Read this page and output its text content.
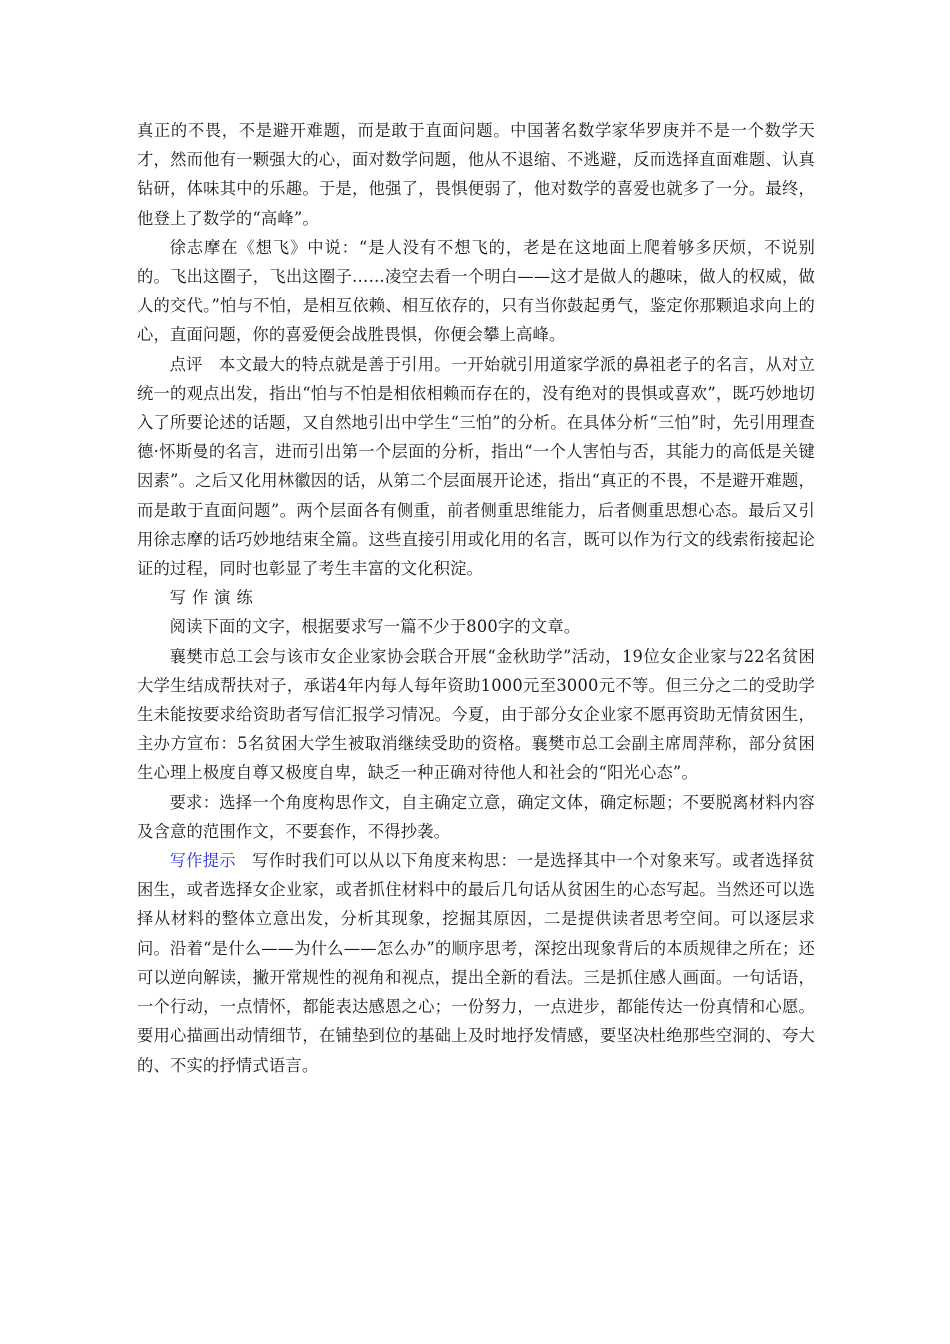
真正的不畏，不是避开难题，而是敢于直面问题。中国著名数学家华罗庚并不是一个数学天才，然而他有一颗强大的心，面对数学问题，他从不退缩、不逃避，反而选择直面难题、认真钻研，体味其中的乐趣。于是，他强了，畏惧便弱了，他对数学的喜爱也就多了一分。最终，他登上了数学的“高峰”。

徐志摩在《想飞》中说：“是人没有不想飞的，老是在这地面上爬着够多厌烦，不说别的。飞出这圈子，飞出这圈子……凌空去看一个明白——这才是做人的趣味，做人的权威，做人的交代。”怕与不怕，是相互依赖、相互依存的，只有当你鼓起勇气，鉴定你那颗追求向上的心，直面问题，你的喜爱便会战胜畏惧，你便会攀上高峰。

点评 本文最大的特点就是善于引用。一开始就引用道家学派的鼻祖老子的名言，从对立统一的观点出发，指出“怕与不怕是相依相赖而存在的，没有绝对的畏惧或喜欢”，既巧妙地切入了所要论述的话题，又自然地引出中学生“三怕”的分析。在具体分析“三怕”时，先引用理查德·怀斯曼的名言，进而引出第一个层面的分析，指出“一个人害怕与否，其能力的高低是关键因素”。之后又化用林徽因的话，从第二个层面展开论述，指出“真正的不畏，不是避开难题，而是敢于直面问题”。两个层面各有侧重，前者侧重思维能力，后者侧重思想心态。最后又引用徐志摩的话巧妙地结束全篇。这些直接引用或化用的名言，既可以作为行文的线索衔接起论证的过程，同时也彰显了考生丰富的文化积淀。

写作演练

阅读下面的文字，根据要求写一篇不少于800字的文章。

襄樊市总工会与该市女企业家协会联合开展“金秋助学”活动，19位女企业家与22名贫困大学生结成帮扶对子，承诺4年内每人每年资助1000元至3000元不等。但三分之二的受助学生未能按要求给资助者写信汇报学习情况。今夏，由于部分女企业家不愿再资助无情贫困生，主办方宣布：5名贫困大学生被取消继续受助的资格。襄樊市总工会副主席周萍称，部分贫困生心理上极度自尊又极度自卑，缺乏一种正确对待他人和社会的“阳光心态”。

要求：选择一个角度构思作文，自主确定立意，确定文体，确定标题；不要脱离材料内容及含意的范围作文，不要套作，不得抄袭。

写作提示 写作时我们可以从以下角度来构思：一是选择其中一个对象来写。或者选择贫困生，或者选择女企业家，或者抓住材料中的最后几句话从贫困生的心态写起。当然还可以选择从材料的整体立意出发，分析其现象，挖掘其原因，二是提供读者思考空间。可以逐层求问。沿着“是什么——为什么——怎么办”的顺序思考，深挖出现象背后的本质规律之所在；还可以逆向解读，撇开常规性的视角和视点，提出全新的看法。三是抓住感人画面。一句话语，一个行动，一点情怀，都能表达感恩之心；一份努力，一点进步，都能传达一份真情和心愿。要用心描画出动情细节，在铺垫到位的基础上及时地抒发情感，要坚决杜绝那些空洞的、夸大的、不实的抒情式语言。
